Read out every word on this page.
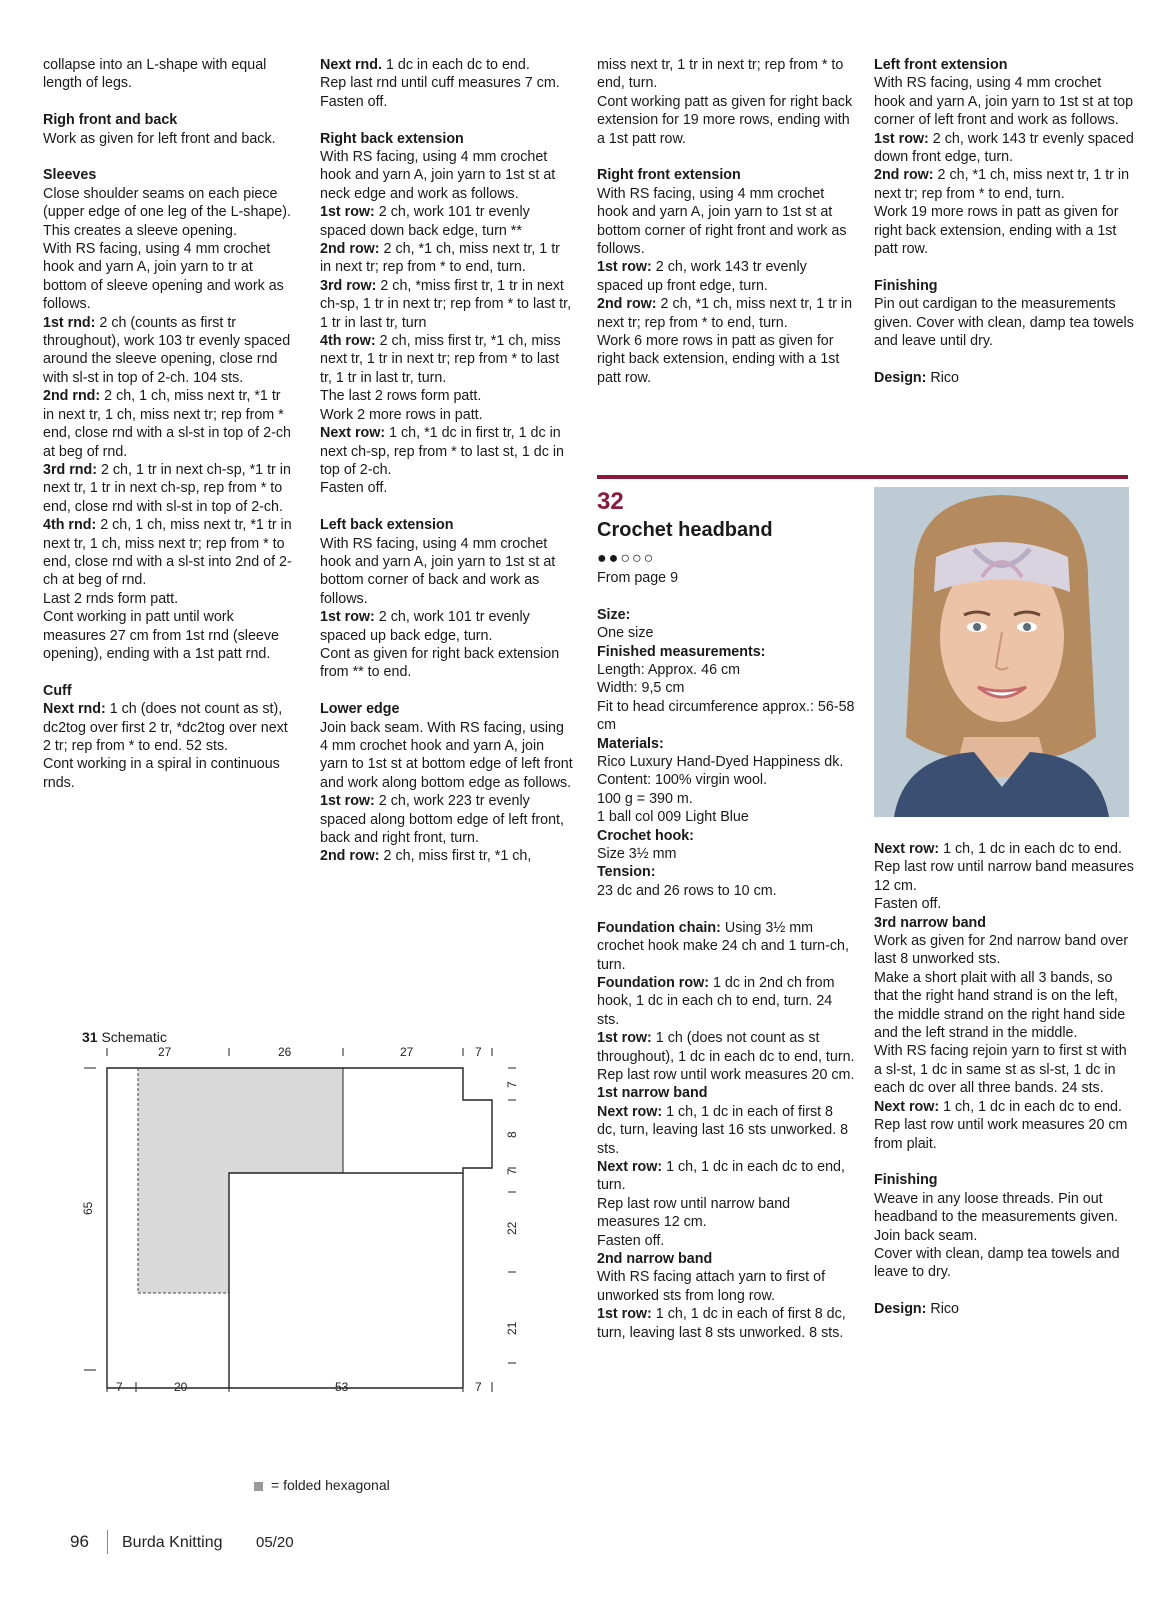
collapse into an L-shape with equal length of legs.

Righ front and back

Work as given for left front and back.

Sleeves

Close shoulder seams on each piece (upper edge of one leg of the L-shape). This creates a sleeve opening.

With RS facing, using 4 mm crochet hook and yarn A, join yarn to tr at bottom of sleeve opening and work as follows.

1st rnd: 2 ch (counts as first tr throughout), work 103 tr evenly spaced around the sleeve opening, close rnd with sl-st in top of 2-ch. 104 sts.

2nd rnd: 2 ch, 1 ch, miss next tr, *1 tr in next tr, 1 ch, miss next tr; rep from * end, close rnd with a sl-st in top of 2-ch at beg of rnd.

3rd rnd: 2 ch, 1 tr in next ch-sp, *1 tr in next tr, 1 tr in next ch-sp, rep from * to end, close rnd with sl-st in top of 2-ch.

4th rnd: 2 ch, 1 ch, miss next tr, *1 tr in next tr, 1 ch, miss next tr; rep from * to end, close rnd with a sl-st into 2nd of 2-ch at beg of rnd.

Last 2 rnds form patt.

Cont working in patt until work measures 27 cm from 1st rnd (sleeve opening), ending with a 1st patt rnd.

Cuff

Next rnd: 1 ch (does not count as st), dc2tog over first 2 tr, *dc2tog over next 2 tr; rep from * to end. 52 sts.

Cont working in a spiral in continuous rnds.

Next rnd. 1 dc in each dc to end.

Rep last rnd until cuff measures 7 cm.

Fasten off.

Right back extension

With RS facing, using 4 mm crochet hook and yarn A, join yarn to 1st st at neck edge and work as follows.

1st row: 2 ch, work 101 tr evenly spaced down back edge, turn **

2nd row: 2 ch, *1 ch, miss next tr, 1 tr in next tr; rep from * to end, turn.

3rd row: 2 ch, *miss first tr, 1 tr in next ch-sp, 1 tr in next tr; rep from * to last tr, 1 tr in last tr, turn

4th row: 2 ch, miss first tr, *1 ch, miss next tr, 1 tr in next tr; rep from * to last tr, 1 tr in last tr, turn.

The last 2 rows form patt.

Work 2 more rows in patt.

Next row: 1 ch, *1 dc in first tr, 1 dc in next ch-sp, rep from * to last st, 1 dc in top of 2-ch.

Fasten off.

Left back extension

With RS facing, using 4 mm crochet hook and yarn A, join yarn to 1st st at bottom corner of back and work as follows.

1st row: 2 ch, work 101 tr evenly spaced up back edge, turn.

Cont as given for right back extension from ** to end.

Lower edge

Join back seam. With RS facing, using 4 mm crochet hook and yarn A, join yarn to 1st st at bottom edge of left front and work along bottom edge as follows.

1st row: 2 ch, work 223 tr evenly spaced along bottom edge of left front, back and right front, turn.

2nd row: 2 ch, miss first tr, *1 ch,

miss next tr, 1 tr in next tr; rep from * to end, turn.

Cont working patt as given for right back extension for 19 more rows, ending with a 1st patt row.

Right front extension

With RS facing, using 4 mm crochet hook and yarn A, join yarn to 1st st at bottom corner of right front and work as follows.

1st row: 2 ch, work 143 tr evenly spaced up front edge, turn.

2nd row: 2 ch, *1 ch, miss next tr, 1 tr in next tr; rep from * to end, turn.

Work 6 more rows in patt as given for right back extension, ending with a 1st patt row.

Left front extension

With RS facing, using 4 mm crochet hook and yarn A, join yarn to 1st st at top corner of left front and work as follows.

1st row: 2 ch, work 143 tr evenly spaced down front edge, turn.

2nd row: 2 ch, *1 ch, miss next tr, 1 tr in next tr; rep from * to end, turn.

Work 19 more rows in patt as given for right back extension, ending with a 1st patt row.

Finishing

Pin out cardigan to the measurements given. Cover with clean, damp tea towels and leave until dry.

Design: Rico

32
Crochet headband
●●○○○

From page 9

Size:

One size

Finished measurements:

Length: Approx. 46 cm

Width: 9,5 cm

Fit to head circumference approx.: 56-58 cm

Materials:

Rico Luxury Hand-Dyed Happiness dk.

Content: 100% virgin wool.

100 g = 390 m.

1 ball col 009 Light Blue

Crochet hook:

Size 3½ mm

Tension:

23 dc and 26 rows to 10 cm.

Foundation chain: Using 3½ mm crochet hook make 24 ch and 1 turn-ch, turn.

Foundation row: 1 dc in 2nd ch from hook, 1 dc in each ch to end, turn. 24 sts.

1st row: 1 ch (does not count as st throughout), 1 dc in each dc to end, turn.

Rep last row until work measures 20 cm.

1st narrow band

Next row: 1 ch, 1 dc in each of first 8 dc, turn, leaving last 16 sts unworked. 8 sts.

Next row: 1 ch, 1 dc in each dc to end, turn.

Rep last row until narrow band measures 12 cm.

Fasten off.

2nd narrow band

With RS facing attach yarn to first of unworked sts from long row.

1st row: 1 ch, 1 dc in each of first 8 dc, turn, leaving last 8 sts unworked. 8 sts.

Next row: 1 ch, 1 dc in each dc to end.

Rep last row until narrow band measures 12 cm.

Fasten off.

3rd narrow band

Work as given for 2nd narrow band over last 8 unworked sts.

Make a short plait with all 3 bands, so that the right hand strand is on the left, the middle strand on the right hand side and the left strand in the middle.

With RS facing rejoin yarn to first st with a sl-st, 1 dc in same st as sl-st, 1 dc in each dc over all three bands. 24 sts.

Next row: 1 ch, 1 dc in each dc to end.

Rep last row until work measures 20 cm from plait.

Finishing

Weave in any loose threads. Pin out headband to the measurements given. Join back seam.

Cover with clean, damp tea towels and leave to dry.

Design: Rico

31 Schematic
27	26	27	7
7
8
7
22
21
65
7	20	53	7
= folded hexagonal
96 Burda Knitting 05/20
